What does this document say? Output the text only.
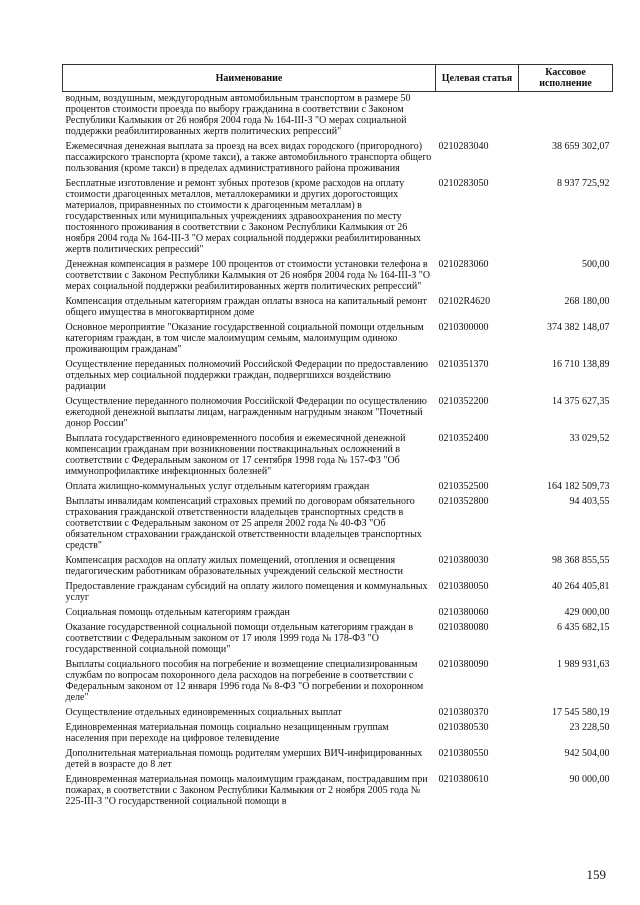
Наименование	Целевая статья	Кассовое исполнение
водным, воздушным, междугородным автомобильным транспортом в размере 50 процентов стоимости проезда по выбору гражданина в соответствии с Законом Республики Калмыкия от 26 ноября 2004 года № 164-III-З "О мерах социальной поддержки реабилитированных жертв политических репрессий"		
Ежемесячная денежная выплата за проезд на всех видах городского (пригородного) пассажирского транспорта (кроме такси), а также автомобильного транспорта общего пользования (кроме такси) в пределах административного района проживания	0210283040	38 659 302,07
Бесплатные изготовление и ремонт зубных протезов (кроме расходов на оплату стоимости драгоценных металлов, металлокерамики и других дорогостоящих материалов, приравненных по стоимости к драгоценным металлам) в государственных или муниципальных учреждениях здравоохранения по месту постоянного проживания в соответствии с Законом Республики Калмыкия от 26 ноября 2004 года № 164-III-З "О мерах социальной поддержки реабилитированных жертв политических репрессий"	0210283050	8 937 725,92
Денежная компенсация в размере 100 процентов от стоимости установки телефона в соответствии с Законом Республики Калмыкия от 26 ноября 2004 года № 164-III-З "О мерах социальной поддержки реабилитированных жертв политических репрессий"	0210283060	500,00
Компенсация отдельным категориям граждан оплаты взноса на капитальный ремонт общего имущества в многоквартирном доме	02102R4620	268 180,00
Основное мероприятие "Оказание государственной социальной помощи отдельным категориям граждан, в том числе малоимущим семьям, малоимущим одиноко проживающим гражданам"	0210300000	374 382 148,07
Осуществление переданных полномочий Российской Федерации по предоставлению отдельных мер социальной поддержки граждан, подвергшихся воздействию радиации	0210351370	16 710 138,89
Осуществление переданного полномочия Российской Федерации по осуществлению ежегодной денежной выплаты лицам, награжденным нагрудным знаком "Почетный донор России"	0210352200	14 375 627,35
Выплата государственного единовременного пособия и ежемесячной денежной компенсации гражданам при возникновении поствакцинальных осложнений в соответствии с Федеральным законом от 17 сентября 1998 года № 157-ФЗ "Об иммунопрофилактике инфекционных болезней"	0210352400	33 029,52
Оплата жилищно-коммунальных услуг отдельным категориям граждан	0210352500	164 182 509,73
Выплаты инвалидам компенсаций страховых премий по договорам обязательного страхования гражданской ответственности владельцев транспортных средств в соответствии с Федеральным законом от 25 апреля 2002 года № 40-ФЗ "Об обязательном страховании гражданской ответственности владельцев транспортных средств"	0210352800	94 403,55
Компенсация расходов на оплату жилых помещений, отопления и освещения педагогическим работникам образовательных учреждений сельской местности	0210380030	98 368 855,55
Предоставление гражданам субсидий на оплату жилого помещения и коммунальных услуг	0210380050	40 264 405,81
Социальная помощь отдельным категориям граждан	0210380060	429 000,00
Оказание государственной социальной помощи отдельным категориям граждан в соответствии с Федеральным законом от 17 июля 1999 года № 178-ФЗ "О государственной социальной помощи"	0210380080	6 435 682,15
Выплаты социального пособия на погребение и возмещение специализированным службам по вопросам похоронного дела расходов на погребение в соответствии с Федеральным законом от 12 января 1996 года № 8-ФЗ "О погребении и похоронном деле"	0210380090	1 989 931,63
Осуществление отдельных единовременных социальных выплат	0210380370	17 545 580,19
Единовременная материальная помощь социально незащищенным группам населения при переходе на цифровое телевидение	0210380530	23 228,50
Дополнительная материальная помощь родителям умерших ВИЧ-инфицированных детей в возрасте до 8 лет	0210380550	942 504,00
Единовременная материальная помощь малоимущим гражданам, пострадавшим при пожарах, в соответствии с Законом Республики Калмыкия от 2 ноября 2005 года № 225-III-З "О государственной социальной помощи в	0210380610	90 000,00
159
